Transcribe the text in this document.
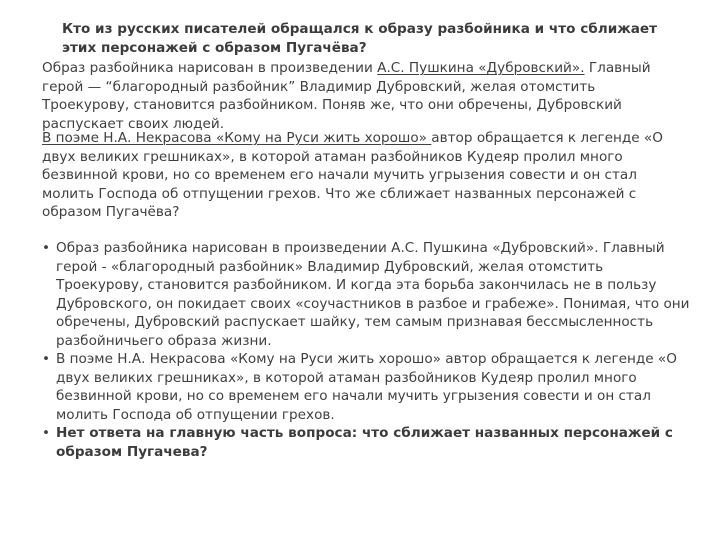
Кто из русских писателей обращался к образу разбойника и что сближает этих персонажей с образом Пугачёва?

Образ разбойника нарисован в произведении А.С. Пушкина «Дубровский». Главный герой — “благородный разбойник” Владимир Дубровский, желая отомстить Троекурову, становится разбойником. Поняв же, что они обречены, Дубровский распускает своих людей.

В поэме Н.А. Некрасова «Кому на Руси жить хорошо» автор обращается к легенде «О двух великих грешниках», в которой атаман разбойников Кудеяр пролил много безвинной крови, но со временем его начали мучить угрызения совести и он стал молить Господа об отпущении грехов. Что же сближает названных персонажей с образом Пугачёва?

• Образ разбойника нарисован в произведении А.С. Пушкина «Дубровский». Главный герой - «благородный разбойник» Владимир Дубровский, желая отомстить Троекурову, становится разбойником. И когда эта борьба закончилась не в пользу Дубровского, он покидает своих «соучастников в разбое и грабеже». Понимая, что они обречены, Дубровский распускает шайку, тем самым признавая бессмысленность разбойничьего образа жизни.
• В поэме Н.А. Некрасова «Кому на Руси жить хорошо» автор обращается к легенде «О двух великих грешниках», в которой атаман разбойников Кудеяр пролил много безвинной крови, но со временем его начали мучить угрызения совести и он стал молить Господа об отпущении грехов.
• Нет ответа на главную часть вопроса: что сближает названных персонажей с образом Пугачева?
